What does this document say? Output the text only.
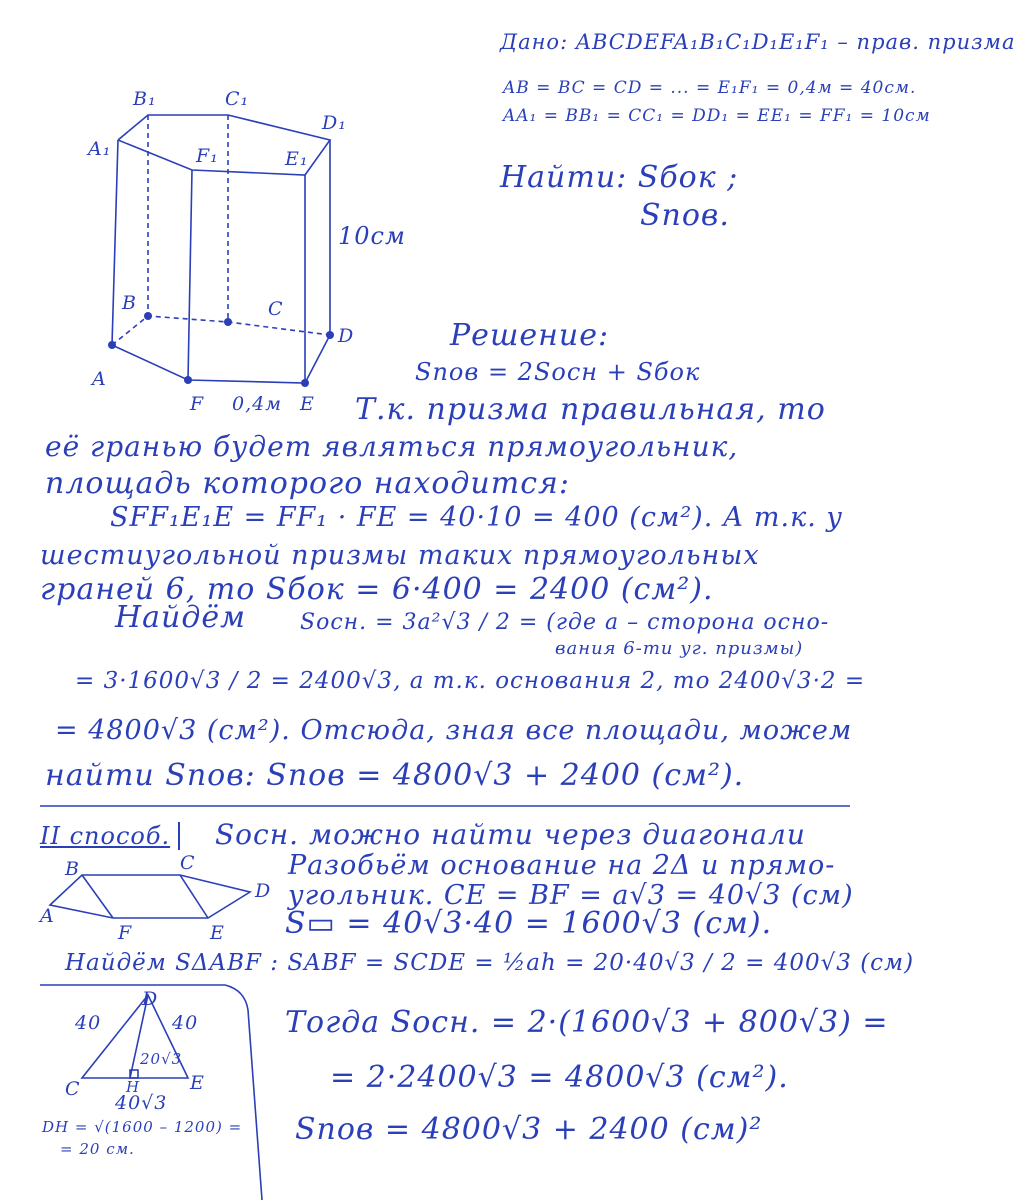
B₁	C₁
D₁
A₁	F₁	E₁
10см
B	C
D
A
F 0,4м E
Дано: ABCDEFA₁B₁C₁D₁E₁F₁ – прав. призма
AB = BC = CD = ... = E₁F₁ = 0,4м = 40см.
AA₁ = BB₁ = CC₁ = DD₁ = EE₁ = FF₁ = 10см
Найти: Sбок ;
Sпов.
Решение:
Sпов = 2Sосн + Sбок
Т.к. призма правильная, то
её гранью будет являться прямоугольник,
площадь которого находится:
SFF₁E₁E = FF₁ · FE = 40·10 = 400 (см²). А т.к. у
шестиугольной призмы таких прямоугольных
граней 6, то Sбок = 6·400 = 2400 (см²).
Найдём Sосн. = 3a²√3 / 2 = (где a – сторона осно-
вания 6-ти уг. призмы)
= 3·1600√3 / 2 = 2400√3, а т.к. основания 2, то 2400√3·2 =
= 4800√3 (см²). Отсюда, зная все площади, можем
найти Sпов: Sпов = 4800√3 + 2400 (см²).
II способ.	Sосн. можно найти через диагонали
Разобьём основание на 2Δ и прямо-
угольник. CE = BF = a√3 = 40√3 (см)
S▭ = 40√3·40 = 1600√3 (см).
B	C
D
A
F	E
Найдём SΔABF : SABF = SCDE = ½ah = 20·40√3 / 2 = 400√3 (см)
D
40	40
20√3
C	H	E
40√3
DH = √(1600 – 1200) =
= 20 см.
Тогда Sосн. = 2·(1600√3 + 800√3) =
= 2·2400√3 = 4800√3 (см²).
Sпов = 4800√3 + 2400 (см)²
